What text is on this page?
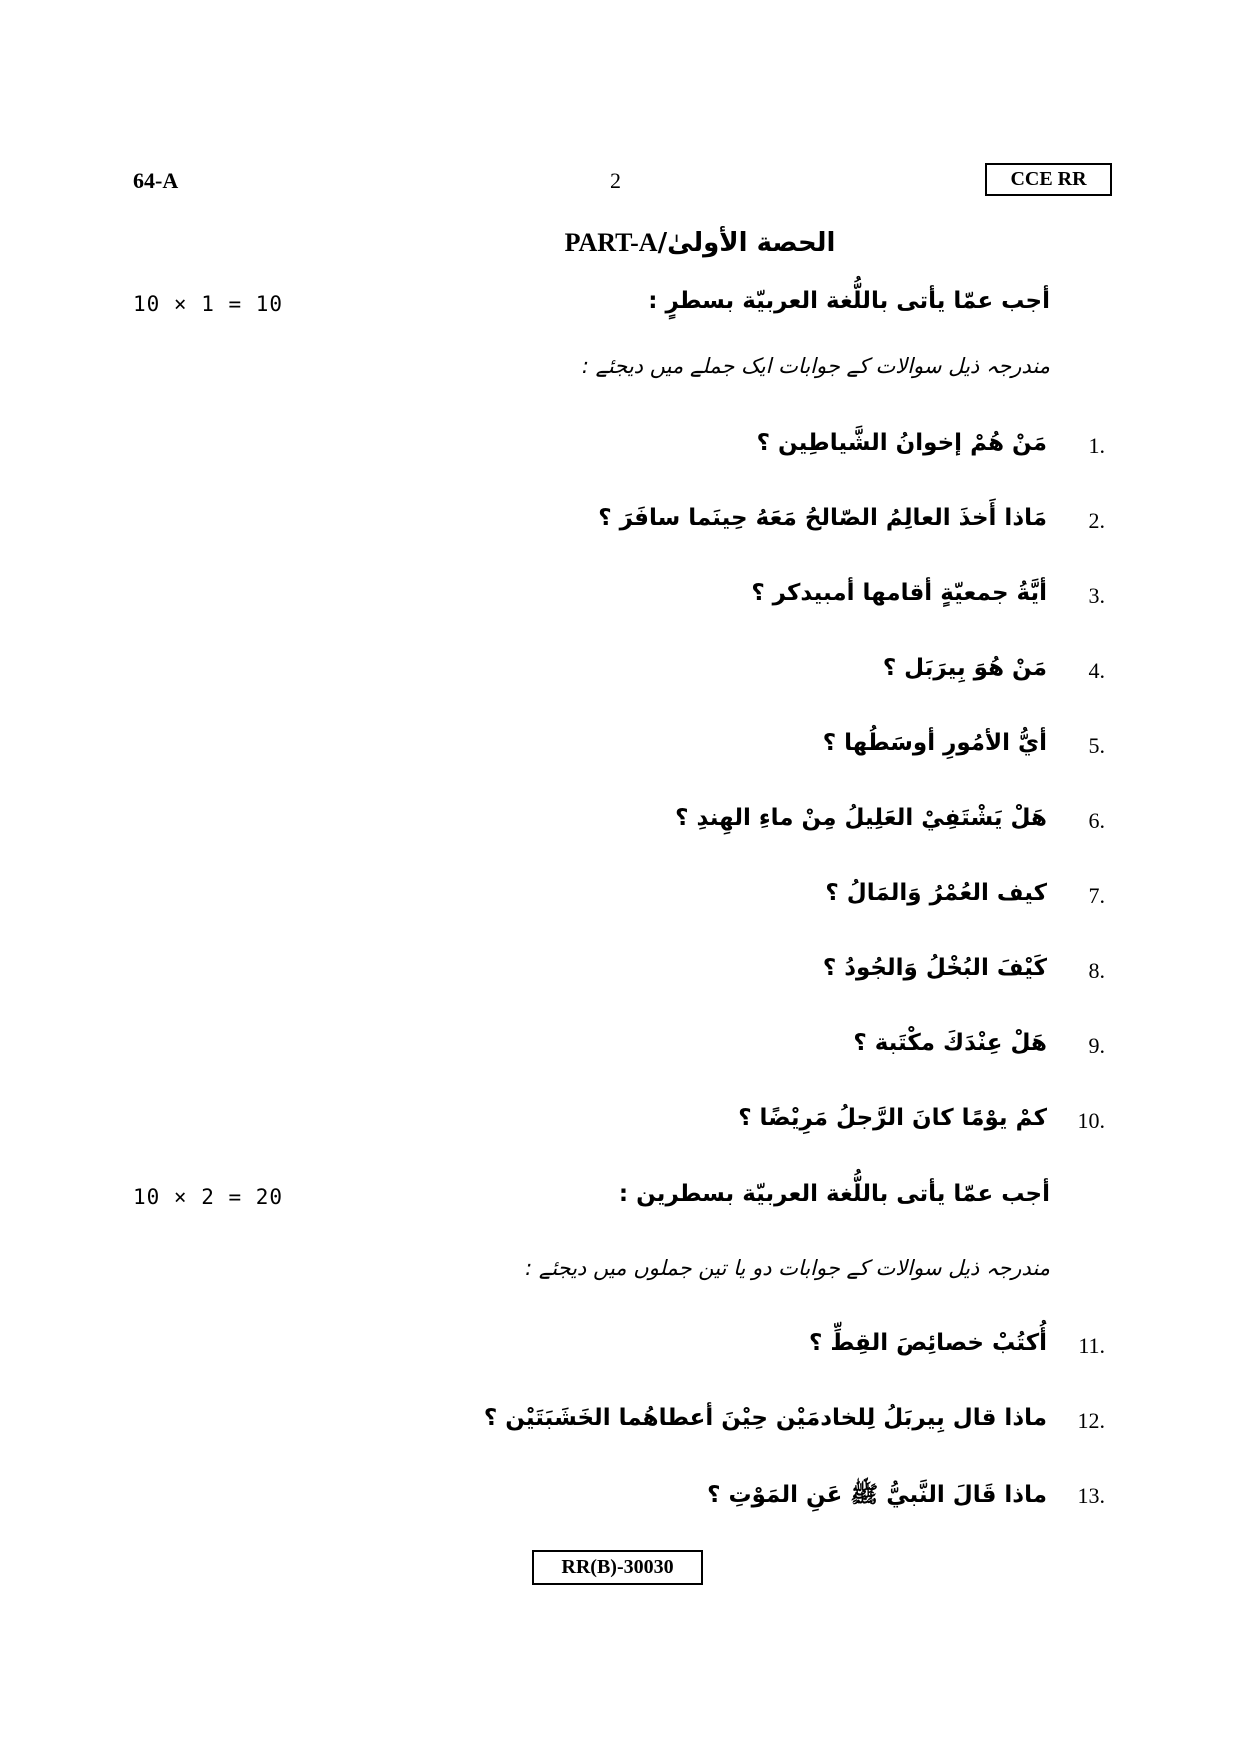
64-A	2	CCE RR
الحصة الأولیٰ/PART-A
10 × 1 = 10	أجب عمّا يأتى باللُّغة العربيّة بسطرٍ :
مندرجہ ذیل سوالات کے جوابات ایک جملے میں دیجئے :
1.
مَنْ هُمْ إخوانُ الشَّياطِين ؟
2.
مَاذا أَخذَ العالِمُ الصّالحُ مَعَهُ حِينَما سافَرَ ؟
3.
أيَّةُ جمعيّةٍ أقامها أمبيدكر ؟
4.
مَنْ هُوَ بِيرَبَل ؟
5.
أيُّ الأمُورِ أوسَطُها ؟
6.
هَلْ يَشْتَفِيْ العَلِيلُ مِنْ ماءِ الهِندِ ؟
7.
كيف العُمْرُ وَالمَالُ ؟
8.
كَيْفَ البُخْلُ وَالجُودُ ؟
9.
هَلْ عِنْدَكَ مكْتَبة ؟
10.
كمْ يوْمًا كانَ الرَّجلُ مَرِيْضًا ؟
10 × 2 = 20	أجب عمّا يأتى باللُّغة العربيّة بسطرين :
مندرجہ ذیل سوالات کے جوابات دو یا تین جملوں میں دیجئے :
11.
أُكتُبْ خصائِصَ القِطِّ ؟
12.
ماذا قال بِيربَلُ لِلخادمَيْن حِيْنَ أعطاهُما الخَشَبَتَيْن ؟
13.
ماذا قَالَ النَّبيُّ ﷺ عَنِ المَوْتِ ؟
RR(B)-30030
